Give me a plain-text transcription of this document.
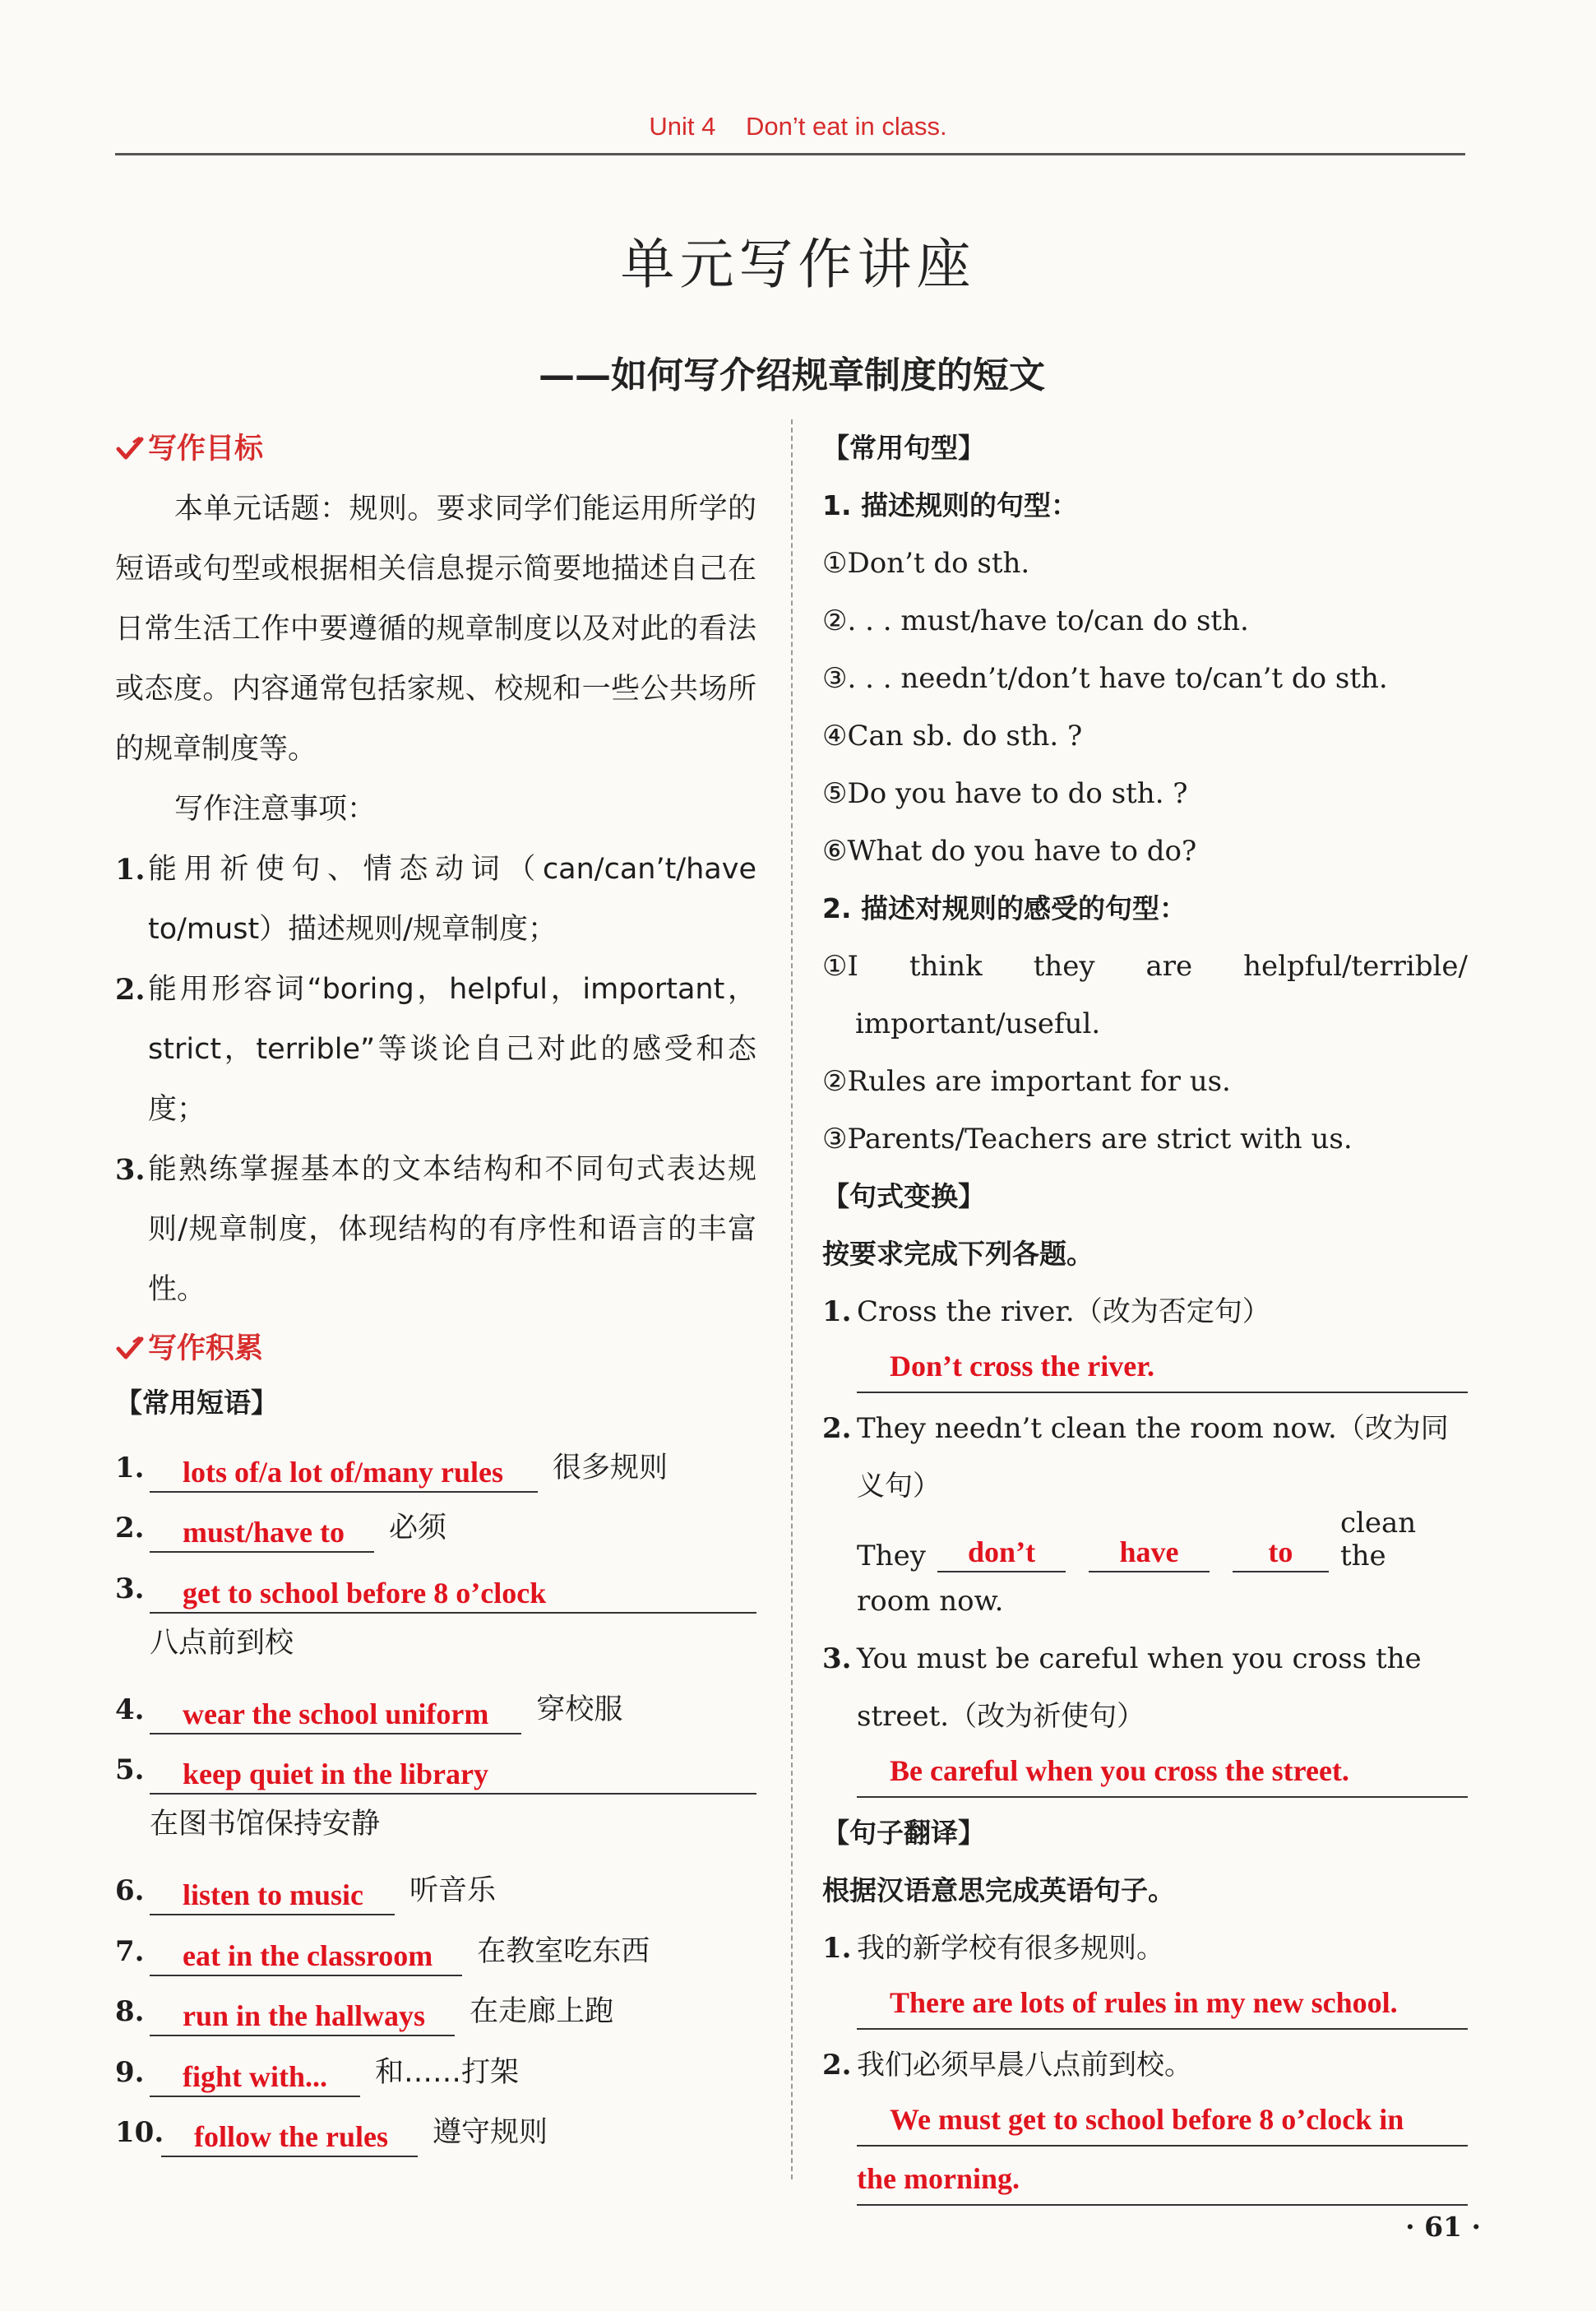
Unit 4 Don’t eat in class.
单元写作讲座
——如何写介绍规章制度的短文
写作目标
本单元话题：规则。要求同学们能运用所学的短语或句型或根据相关信息提示简要地描述自己在日常生活工作中要遵循的规章制度以及对此的看法或态度。内容通常包括家规、校规和一些公共场所的规章制度等。
写作注意事项：
1. 能用祈使句、情态动词（can/can’t/have to/must）描述规则/规章制度；
2. 能用形容词“boring，helpful，important，strict，terrible”等谈论自己对此的感受和态度；
3. 能熟练掌握基本的文本结构和不同句式表达规则/规章制度，体现结构的有序性和语言的丰富性。
写作积累
【常用短语】
1.	lots of/a lot of/many rules	很多规则
2.	must/have to	必须
3.	get to school before 8 o’clock
八点前到校
4.	wear the school uniform	穿校服
5.	keep quiet in the library
在图书馆保持安静
6.	listen to music	听音乐
7.	eat in the classroom	在教室吃东西
8.	run in the hallways	在走廊上跑
9.	fight with...	和……打架
10.	follow the rules	遵守规则
【常用句型】
1. 描述规则的句型：
①Don’t do sth.
②. . . must/have to/can do sth.
③. . . needn’t/don’t have to/can’t do sth.
④Can sb. do sth. ?
⑤Do you have to do sth. ?
⑥What do you have to do?
2. 描述对规则的感受的句型：
①I think they are helpful/terrible/
important/useful.
②Rules are important for us.
③Parents/Teachers are strict with us.
【句式变换】
按要求完成下列各题。
1. Cross the river.（改为否定句）
Don’t cross the river.
2. They needn’t clean the room now.（改为同义句）
They	don’t	have	to
clean the
room now.
3. You must be careful when you cross the street.（改为祈使句）
Be careful when you cross the street.
【句子翻译】
根据汉语意思完成英语句子。
1. 我的新学校有很多规则。
There are lots of rules in my new school.
2. 我们必须早晨八点前到校。
We must get to school before 8 o’clock in
the morning.
· 61 ·
